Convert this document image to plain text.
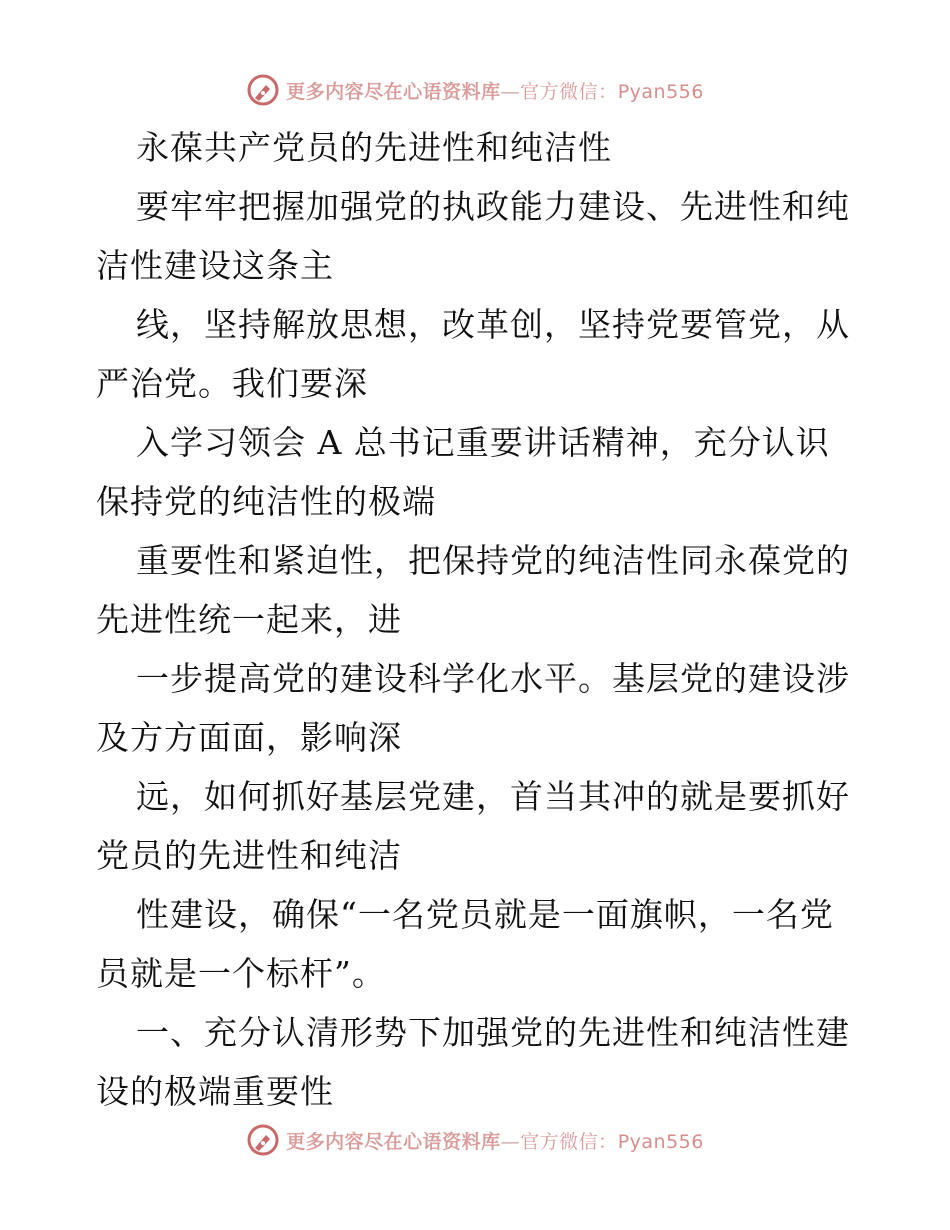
更多内容尽在心语资料库—官方微信：Pyan556
永葆共产党员的先进性和纯洁性
要牢牢把握加强党的执政能力建设、先进性和纯
洁性建设这条主
线，坚持解放思想，改革创，坚持党要管党，从
严治党。我们要深
入学习领会 A 总书记重要讲话精神，充分认识
保持党的纯洁性的极端
重要性和紧迫性，把保持党的纯洁性同永葆党的
先进性统一起来，进
一步提高党的建设科学化水平。基层党的建设涉
及方方面面，影响深
远，如何抓好基层党建，首当其冲的就是要抓好
党员的先进性和纯洁
性建设，确保“一名党员就是一面旗帜，一名党
员就是一个标杆”。
一、充分认清形势下加强党的先进性和纯洁性建
设的极端重要性
更多内容尽在心语资料库—官方微信：Pyan556
